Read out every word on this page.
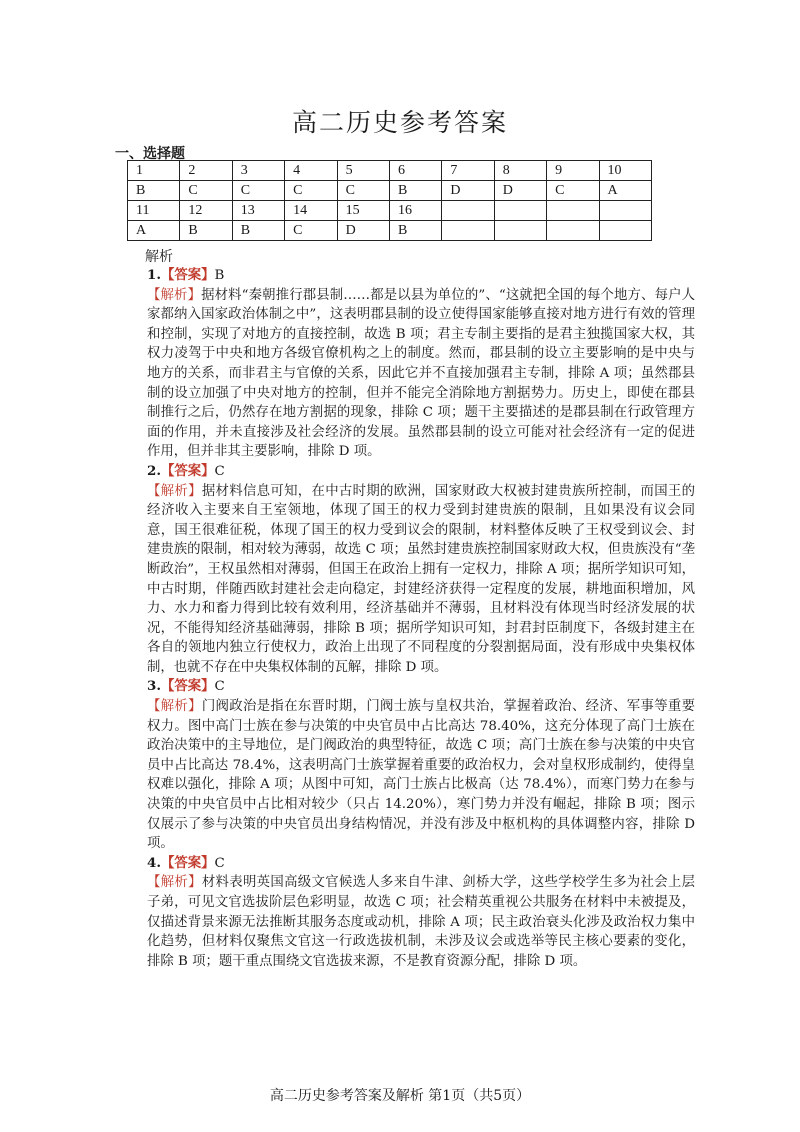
高二历史参考答案
一、选择题
1	2	3	4	5	6	7	8	9	10
B	C	C	C	C	B	D	D	C	A
11	12	13	14	15	16				
A	B	B	C	D	B				
解析

1.【答案】B

【解析】据材料“秦朝推行郡县制……都是以县为单位的”、“这就把全国的每个地方、每户人家都纳入国家政治体制之中”，这表明郡县制的设立使得国家能够直接对地方进行有效的管理和控制，实现了对地方的直接控制，故选 B 项；君主专制主要指的是君主独揽国家大权，其权力凌驾于中央和地方各级官僚机构之上的制度。然而，郡县制的设立主要影响的是中央与地方的关系，而非君主与官僚的关系，因此它并不直接加强君主专制，排除 A 项；虽然郡县制的设立加强了中央对地方的控制，但并不能完全消除地方割据势力。历史上，即使在郡县制推行之后，仍然存在地方割据的现象，排除 C 项；题干主要描述的是郡县制在行政管理方面的作用，并未直接涉及社会经济的发展。虽然郡县制的设立可能对社会经济有一定的促进作用，但并非其主要影响，排除 D 项。

2.【答案】C

【解析】据材料信息可知，在中古时期的欧洲，国家财政大权被封建贵族所控制，而国王的经济收入主要来自王室领地，体现了国王的权力受到封建贵族的限制，且如果没有议会同意，国王很难征税，体现了国王的权力受到议会的限制，材料整体反映了王权受到议会、封建贵族的限制，相对较为薄弱，故选 C 项；虽然封建贵族控制国家财政大权，但贵族没有“垄断政治”，王权虽然相对薄弱，但国王在政治上拥有一定权力，排除 A 项；据所学知识可知，中古时期，伴随西欧封建社会走向稳定，封建经济获得一定程度的发展，耕地面积增加，风力、水力和畜力得到比较有效利用，经济基础并不薄弱，且材料没有体现当时经济发展的状况，不能得知经济基础薄弱，排除 B 项；据所学知识可知，封君封臣制度下，各级封建主在各自的领地内独立行使权力，政治上出现了不同程度的分裂割据局面，没有形成中央集权体制，也就不存在中央集权体制的瓦解，排除 D 项。

3.【答案】C

【解析】门阀政治是指在东晋时期，门阀士族与皇权共治，掌握着政治、经济、军事等重要权力。图中高门士族在参与决策的中央官员中占比高达 78.40%，这充分体现了高门士族在政治决策中的主导地位，是门阀政治的典型特征，故选 C 项；高门士族在参与决策的中央官员中占比高达 78.4%，这表明高门士族掌握着重要的政治权力，会对皇权形成制约，使得皇权难以强化，排除 A 项；从图中可知，高门士族占比极高（达 78.4%），而寒门势力在参与决策的中央官员中占比相对较少（只占 14.20%），寒门势力并没有崛起，排除 B 项；图示仅展示了参与决策的中央官员出身结构情况，并没有涉及中枢机构的具体调整内容，排除 D 项。

4.【答案】C

【解析】材料表明英国高级文官候选人多来自牛津、剑桥大学，这些学校学生多为社会上层子弟，可见文官选拔阶层色彩明显，故选 C 项；社会精英重视公共服务在材料中未被提及，仅描述背景来源无法推断其服务态度或动机，排除 A 项；民主政治衰头化涉及政治权力集中化趋势，但材料仅聚焦文官这一行政选拔机制，未涉及议会或选举等民主核心要素的变化，排除 B 项；题干重点围绕文官选拔来源，不是教育资源分配，排除 D 项。

高二历史参考答案及解析 第1页（共5页）
